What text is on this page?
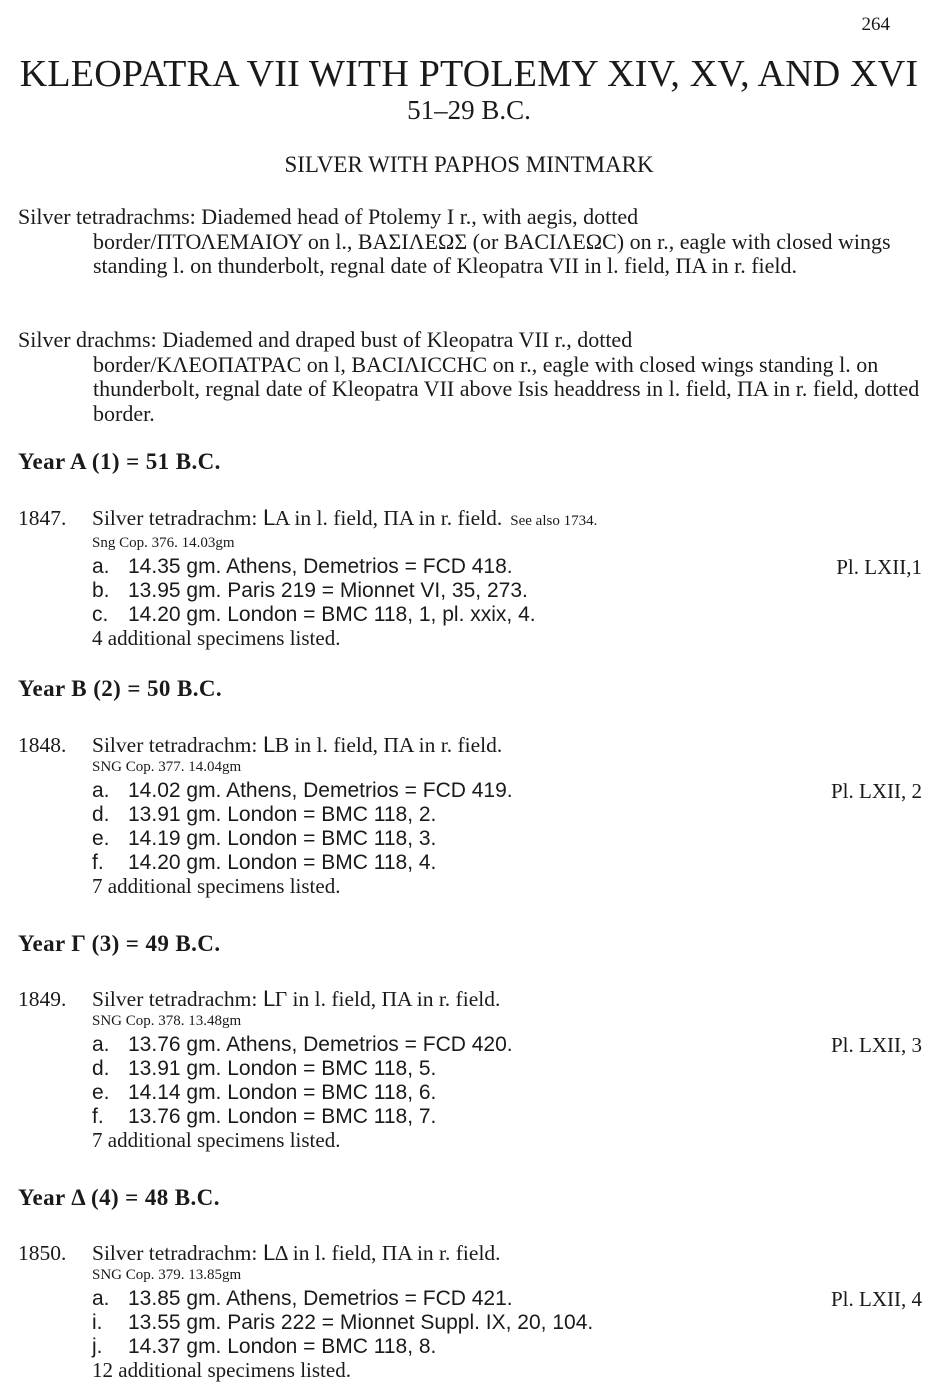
264
KLEOPATRA VII WITH PTOLEMY XIV, XV, AND XVI
51–29 B.C.
SILVER WITH PAPHOS MINTMARK
Silver tetradrachms: Diademed head of Ptolemy I r., with aegis, dotted
border/ΠΤΟΛΕΜΑΙΟΥ on l., ΒΑΣΙΛΕΩΣ (or ΒΑCΙΛΕΩC) on r., eagle with closed wings standing l. on thunderbolt, regnal date of Kleopatra VII in l. field, ΠΑ in r. field.
Silver drachms: Diademed and draped bust of Kleopatra VII r., dotted
border/ΚΛΕΟΠΑΤΡΑC on l, ΒΑCΙΛΙCCΗC on r., eagle with closed wings standing l. on thunderbolt, regnal date of Kleopatra VII above Isis headdress in l. field, ΠΑ in r. field, dotted border.
Year A (1) = 51 B.C.
1847. Silver tetradrachm: ᒪA in l. field, ΠΑ in r. field. See also 1734.
Sng Cop. 376. 14.03gm
a. 14.35 gm. Athens, Demetrios = FCD 418.	Pl. LXII,1
b. 13.95 gm. Paris 219 = Mionnet VI, 35, 273.
c. 14.20 gm. London = BMC 118, 1, pl. xxix, 4.
4 additional specimens listed.
Year B (2) = 50 B.C.
1848. Silver tetradrachm: ᒪB in l. field, ΠΑ in r. field.
SNG Cop. 377. 14.04gm
a. 14.02 gm. Athens, Demetrios = FCD 419.	Pl. LXII, 2
d. 13.91 gm. London = BMC 118, 2.
e. 14.19 gm. London = BMC 118, 3.
f. 14.20 gm. London = BMC 118, 4.
7 additional specimens listed.
Year Γ (3) = 49 B.C.
1849. Silver tetradrachm: ᒪΓ in l. field, ΠΑ in r. field.
SNG Cop. 378. 13.48gm
a. 13.76 gm. Athens, Demetrios = FCD 420.	Pl. LXII, 3
d. 13.91 gm. London = BMC 118, 5.
e. 14.14 gm. London = BMC 118, 6.
f. 13.76 gm. London = BMC 118, 7.
7 additional specimens listed.
Year Δ (4) = 48 B.C.
1850. Silver tetradrachm: ᒪΔ in l. field, ΠΑ in r. field.
SNG Cop. 379. 13.85gm
a. 13.85 gm. Athens, Demetrios = FCD 421.	Pl. LXII, 4
i. 13.55 gm. Paris 222 = Mionnet Suppl. IX, 20, 104.
j. 14.37 gm. London = BMC 118, 8.
12 additional specimens listed.
